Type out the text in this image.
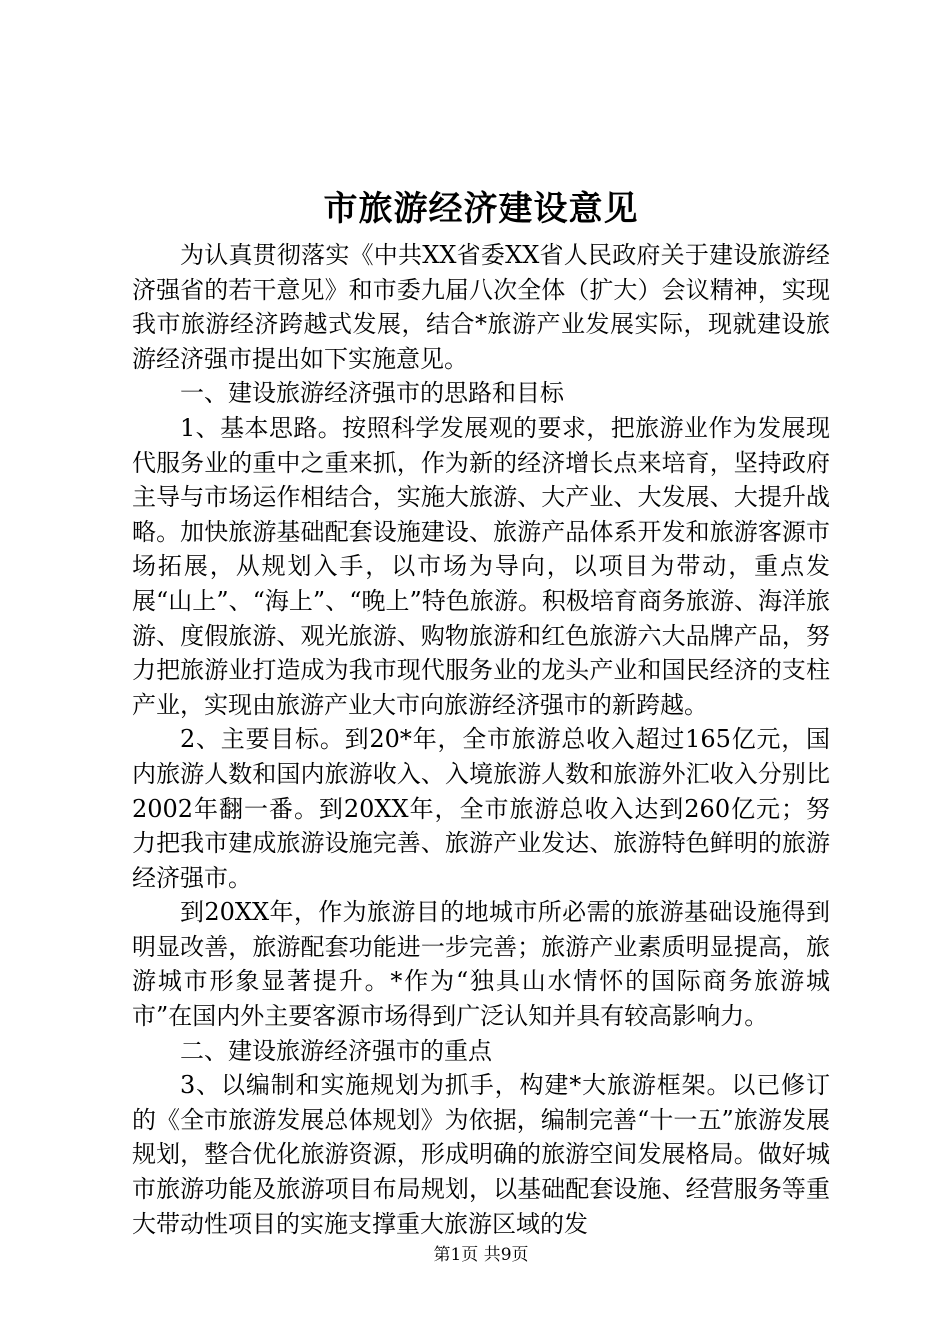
市旅游经济建设意见

为认真贯彻落实《中共XX省委XX省人民政府关于建设旅游经济强省的若干意见》和市委九届八次全体（扩大）会议精神，实现我市旅游经济跨越式发展，结合*旅游产业发展实际，现就建设旅游经济强市提出如下实施意见。

一、建设旅游经济强市的思路和目标

1、基本思路。按照科学发展观的要求，把旅游业作为发展现代服务业的重中之重来抓，作为新的经济增长点来培育，坚持政府主导与市场运作相结合，实施大旅游、大产业、大发展、大提升战略。加快旅游基础配套设施建设、旅游产品体系开发和旅游客源市场拓展，从规划入手，以市场为导向，以项目为带动，重点发展“山上”、“海上”、“晚上”特色旅游。积极培育商务旅游、海洋旅游、度假旅游、观光旅游、购物旅游和红色旅游六大品牌产品，努力把旅游业打造成为我市现代服务业的龙头产业和国民经济的支柱产业，实现由旅游产业大市向旅游经济强市的新跨越。

2、主要目标。到20*年，全市旅游总收入超过165亿元，国内旅游人数和国内旅游收入、入境旅游人数和旅游外汇收入分别比2002年翻一番。到20XX年，全市旅游总收入达到260亿元；努力把我市建成旅游设施完善、旅游产业发达、旅游特色鲜明的旅游经济强市。

到20XX年，作为旅游目的地城市所必需的旅游基础设施得到明显改善，旅游配套功能进一步完善；旅游产业素质明显提高，旅游城市形象显著提升。*作为“独具山水情怀的国际商务旅游城市”在国内外主要客源市场得到广泛认知并具有较高影响力。

二、建设旅游经济强市的重点

3、以编制和实施规划为抓手，构建*大旅游框架。以已修订的《全市旅游发展总体规划》为依据，编制完善“十一五”旅游发展规划，整合优化旅游资源，形成明确的旅游空间发展格局。做好城市旅游功能及旅游项目布局规划，以基础配套设施、经营服务等重大带动性项目的实施支撑重大旅游区域的发

第1页 共9页
